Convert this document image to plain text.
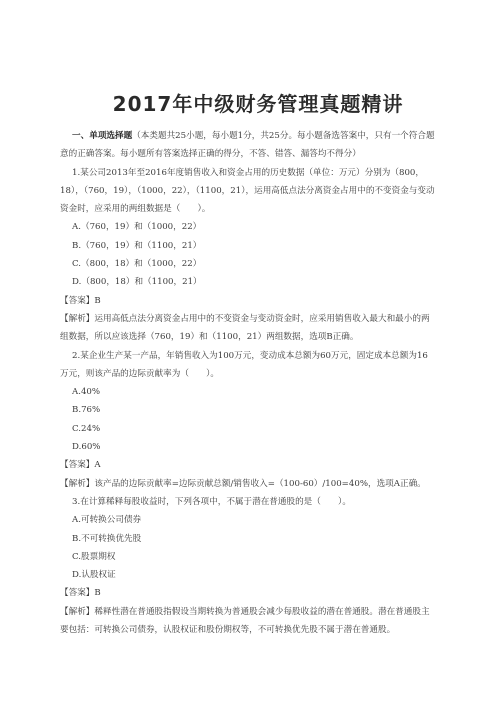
2017年中级财务管理真题精讲

一、单项选择题（本类题共25小题，每小题1分，共25分。每小题备选答案中，只有一个符合题意的正确答案。每小题所有答案选择正确的得分，不答、错答、漏答均不得分）

1.某公司2013年至2016年度销售收入和资金占用的历史数据（单位：万元）分别为（800，18），（760，19），（1000，22），（1100，21），运用高低点法分离资金占用中的不变资金与变动资金时，应采用的两组数据是（　　）。

A.（760，19）和（1000，22）

B.（760，19）和（1100，21）

C.（800，18）和（1000，22）

D.（800，18）和（1100，21）

【答案】B

【解析】运用高低点法分离资金占用中的不变资金与变动资金时，应采用销售收入最大和最小的两组数据，所以应该选择（760，19）和（1100，21）两组数据，选项B正确。

2.某企业生产某一产品，年销售收入为100万元，变动成本总额为60万元，固定成本总额为16万元，则该产品的边际贡献率为（　　）。

A.40%

B.76%

C.24%

D.60%

【答案】A

【解析】该产品的边际贡献率=边际贡献总额/销售收入=（100-60）/100=40%，选项A正确。

3.在计算稀释每股收益时，下列各项中，不属于潜在普通股的是（　　）。

A.可转换公司债券

B.不可转换优先股

C.股票期权

D.认股权证

【答案】B

【解析】稀释性潜在普通股指假设当期转换为普通股会减少每股收益的潜在普通股。潜在普通股主要包括：可转换公司债券，认股权证和股份期权等，不可转换优先股不属于潜在普通股。
